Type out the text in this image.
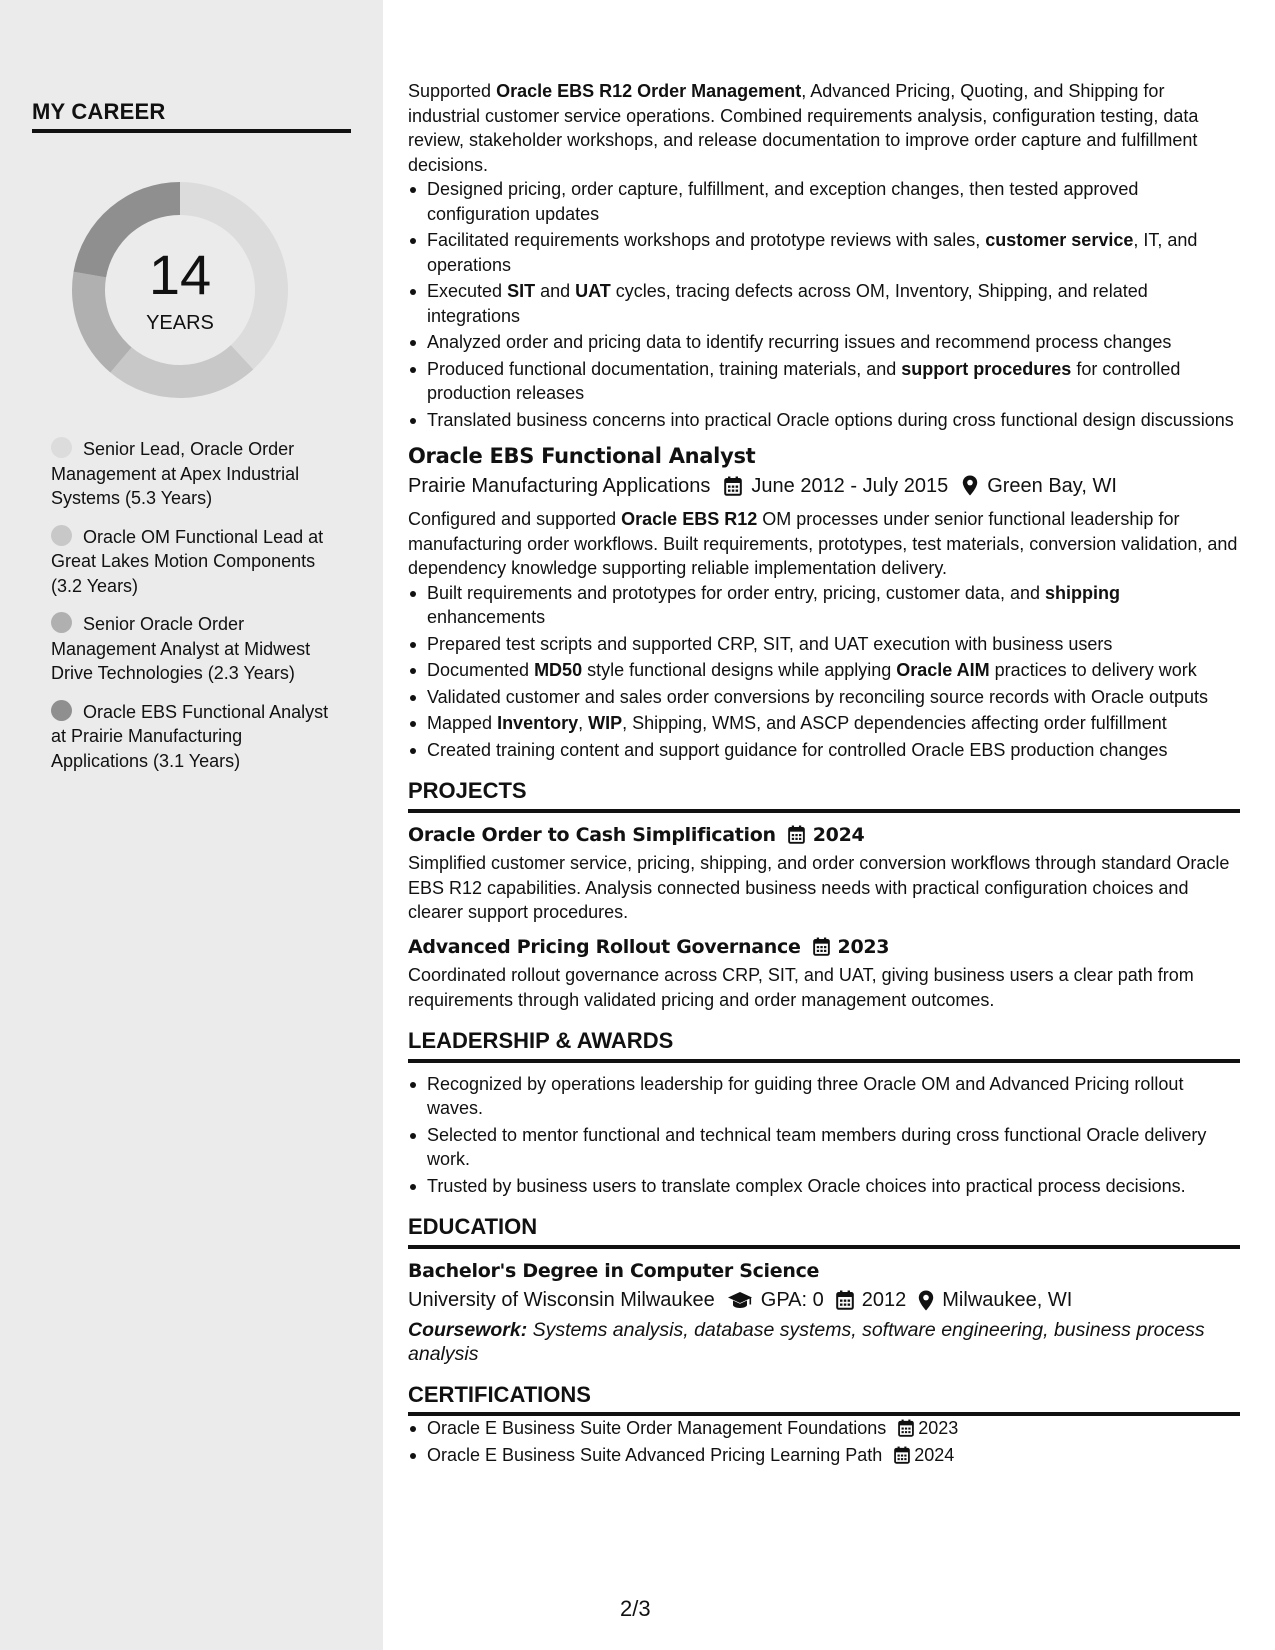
MY CAREER
14
YEARS
Senior Lead, Oracle Order Management at Apex Industrial Systems (5.3 Years)
Oracle OM Functional Lead at Great Lakes Motion Components (3.2 Years)
Senior Oracle Order Management Analyst at Midwest Drive Technologies (2.3 Years)
Oracle EBS Functional Analyst at Prairie Manufacturing Applications (3.1 Years)

Supported Oracle EBS R12 Order Management, Advanced Pricing, Quoting, and Shipping for industrial customer service operations. Combined requirements analysis, configuration testing, data review, stakeholder workshops, and release documentation to improve order capture and fulfillment decisions.

Designed pricing, order capture, fulfillment, and exception changes, then tested approved configuration updates
Facilitated requirements workshops and prototype reviews with sales, customer service, IT, and operations
Executed SIT and UAT cycles, tracing defects across OM, Inventory, Shipping, and related integrations
Analyzed order and pricing data to identify recurring issues and recommend process changes
Produced functional documentation, training materials, and support procedures for controlled production releases
Translated business concerns into practical Oracle options during cross functional design discussions
Oracle EBS Functional Analyst
Prairie Manufacturing Applications June 2012 - July 2015 Green Bay, WI

Configured and supported Oracle EBS R12 OM processes under senior functional leadership for manufacturing order workflows. Built requirements, prototypes, test materials, conversion validation, and dependency knowledge supporting reliable implementation delivery.

Built requirements and prototypes for order entry, pricing, customer data, and shipping enhancements
Prepared test scripts and supported CRP, SIT, and UAT execution with business users
Documented MD50 style functional designs while applying Oracle AIM practices to delivery work
Validated customer and sales order conversions by reconciling source records with Oracle outputs
Mapped Inventory, WIP, Shipping, WMS, and ASCP dependencies affecting order fulfillment
Created training content and support guidance for controlled Oracle EBS production changes
PROJECTS
Oracle Order to Cash Simplification 2024

Simplified customer service, pricing, shipping, and order conversion workflows through standard Oracle EBS R12 capabilities. Analysis connected business needs with practical configuration choices and clearer support procedures.

Advanced Pricing Rollout Governance 2023

Coordinated rollout governance across CRP, SIT, and UAT, giving business users a clear path from requirements through validated pricing and order management outcomes.

LEADERSHIP & AWARDS
Recognized by operations leadership for guiding three Oracle OM and Advanced Pricing rollout waves.
Selected to mentor functional and technical team members during cross functional Oracle delivery work.
Trusted by business users to translate complex Oracle choices into practical process decisions.
EDUCATION
Bachelor's Degree in Computer Science
University of Wisconsin Milwaukee GPA: 0 2012 Milwaukee, WI

Coursework: Systems analysis, database systems, software engineering, business process analysis

CERTIFICATIONS
Oracle E Business Suite Order Management Foundations 2023
Oracle E Business Suite Advanced Pricing Learning Path 2024
2/3
